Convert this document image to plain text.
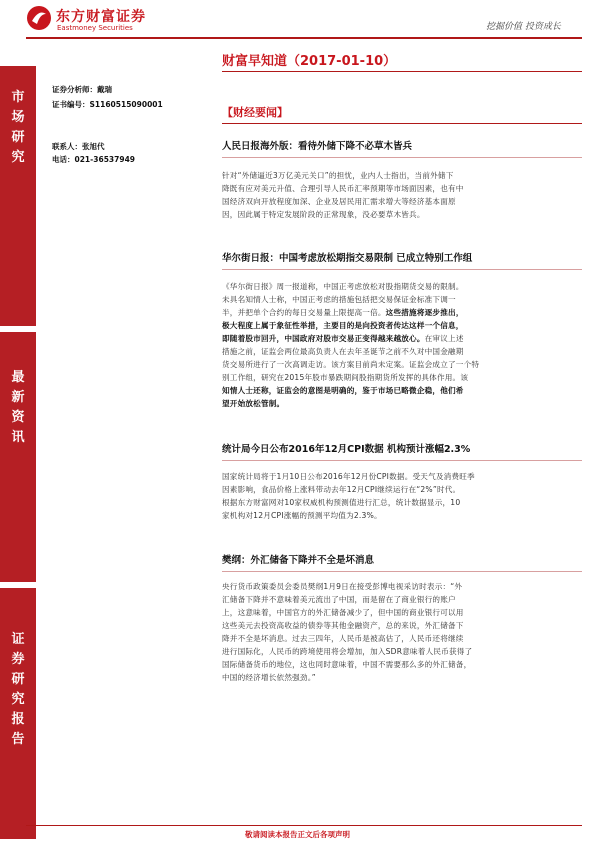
东方财富证券
Eastmoney Securities	挖掘价值 投资成长
市场研究
最新资讯
证券研究报告
证券分析师：戴瑞
证书编号：S1160515090001
联系人：张旭代
电话：021-36537949
财富早知道（2017-01-10）
【财经要闻】
人民日报海外版：看待外储下降不必草木皆兵
针对“外储逼近3万亿美元关口”的担忧，业内人士指出，当前外储下
降既有应对美元升值、合理引导人民币汇率预期等市场面因素，也有中
国经济双向开放程度加深、企业及居民用汇需求增大等经济基本面原
因，因此属于特定发展阶段的正常现象，没必要草木皆兵。
华尔街日报：中国考虑放松期指交易限制 已成立特别工作组
《华尔街日报》周一报道称，中国正考虑放松对股指期货交易的限制。
未具名知情人士称，中国正考虑的措施包括把交易保证金标准下调一
半，并把单个合约的每日交易量上限提高一倍。这些措施将逐步推出，
极大程度上属于象征性举措，主要目的是向投资者传达这样一个信息，
即随着股市回升，中国政府对股市交易正变得越来越放心。在审议上述
措施之前，证监会两位最高负责人在去年圣诞节之前不久对中国金融期
货交易所进行了一次高调走访。该方案目前尚未定案。证监会成立了一个特
别工作组，研究在2015年股市暴跌期间股指期货所发挥的具体作用。该
知情人士还称，证监会的意图是明确的，鉴于市场已略微企稳，他们希
望开始放松管制。
统计局今日公布2016年12月CPI数据 机构预计涨幅2.3%
国家统计局将于1月10日公布2016年12月份CPI数据。受天气及消费旺季
因素影响，食品价格上涨料带动去年12月CPI继续运行在“2%”时代。
根据东方财富网对10家权威机构预测值进行汇总，统计数据显示，10
家机构对12月CPI涨幅的预测平均值为2.3%。
樊纲：外汇储备下降并不全是坏消息
央行货币政策委员会委员樊纲1月9日在接受彭博电视采访时表示：“外
汇储备下降并不意味着美元流出了中国，而是留在了商业银行的账户
上，这意味着，中国官方的外汇储备减少了，但中国的商业银行可以用
这些美元去投资高收益的债券等其他金融资产，总的来说，外汇储备下
降并不全是坏消息。过去三四年，人民币是被高估了，人民币还将继续
进行国际化，人民币的跨境使用将会增加，加入SDR意味着人民币获得了
国际储备货币的地位，这也同时意味着，中国不需要那么多的外汇储备，
中国的经济增长依然强劲。”
敬请阅读本报告正文后各项声明
